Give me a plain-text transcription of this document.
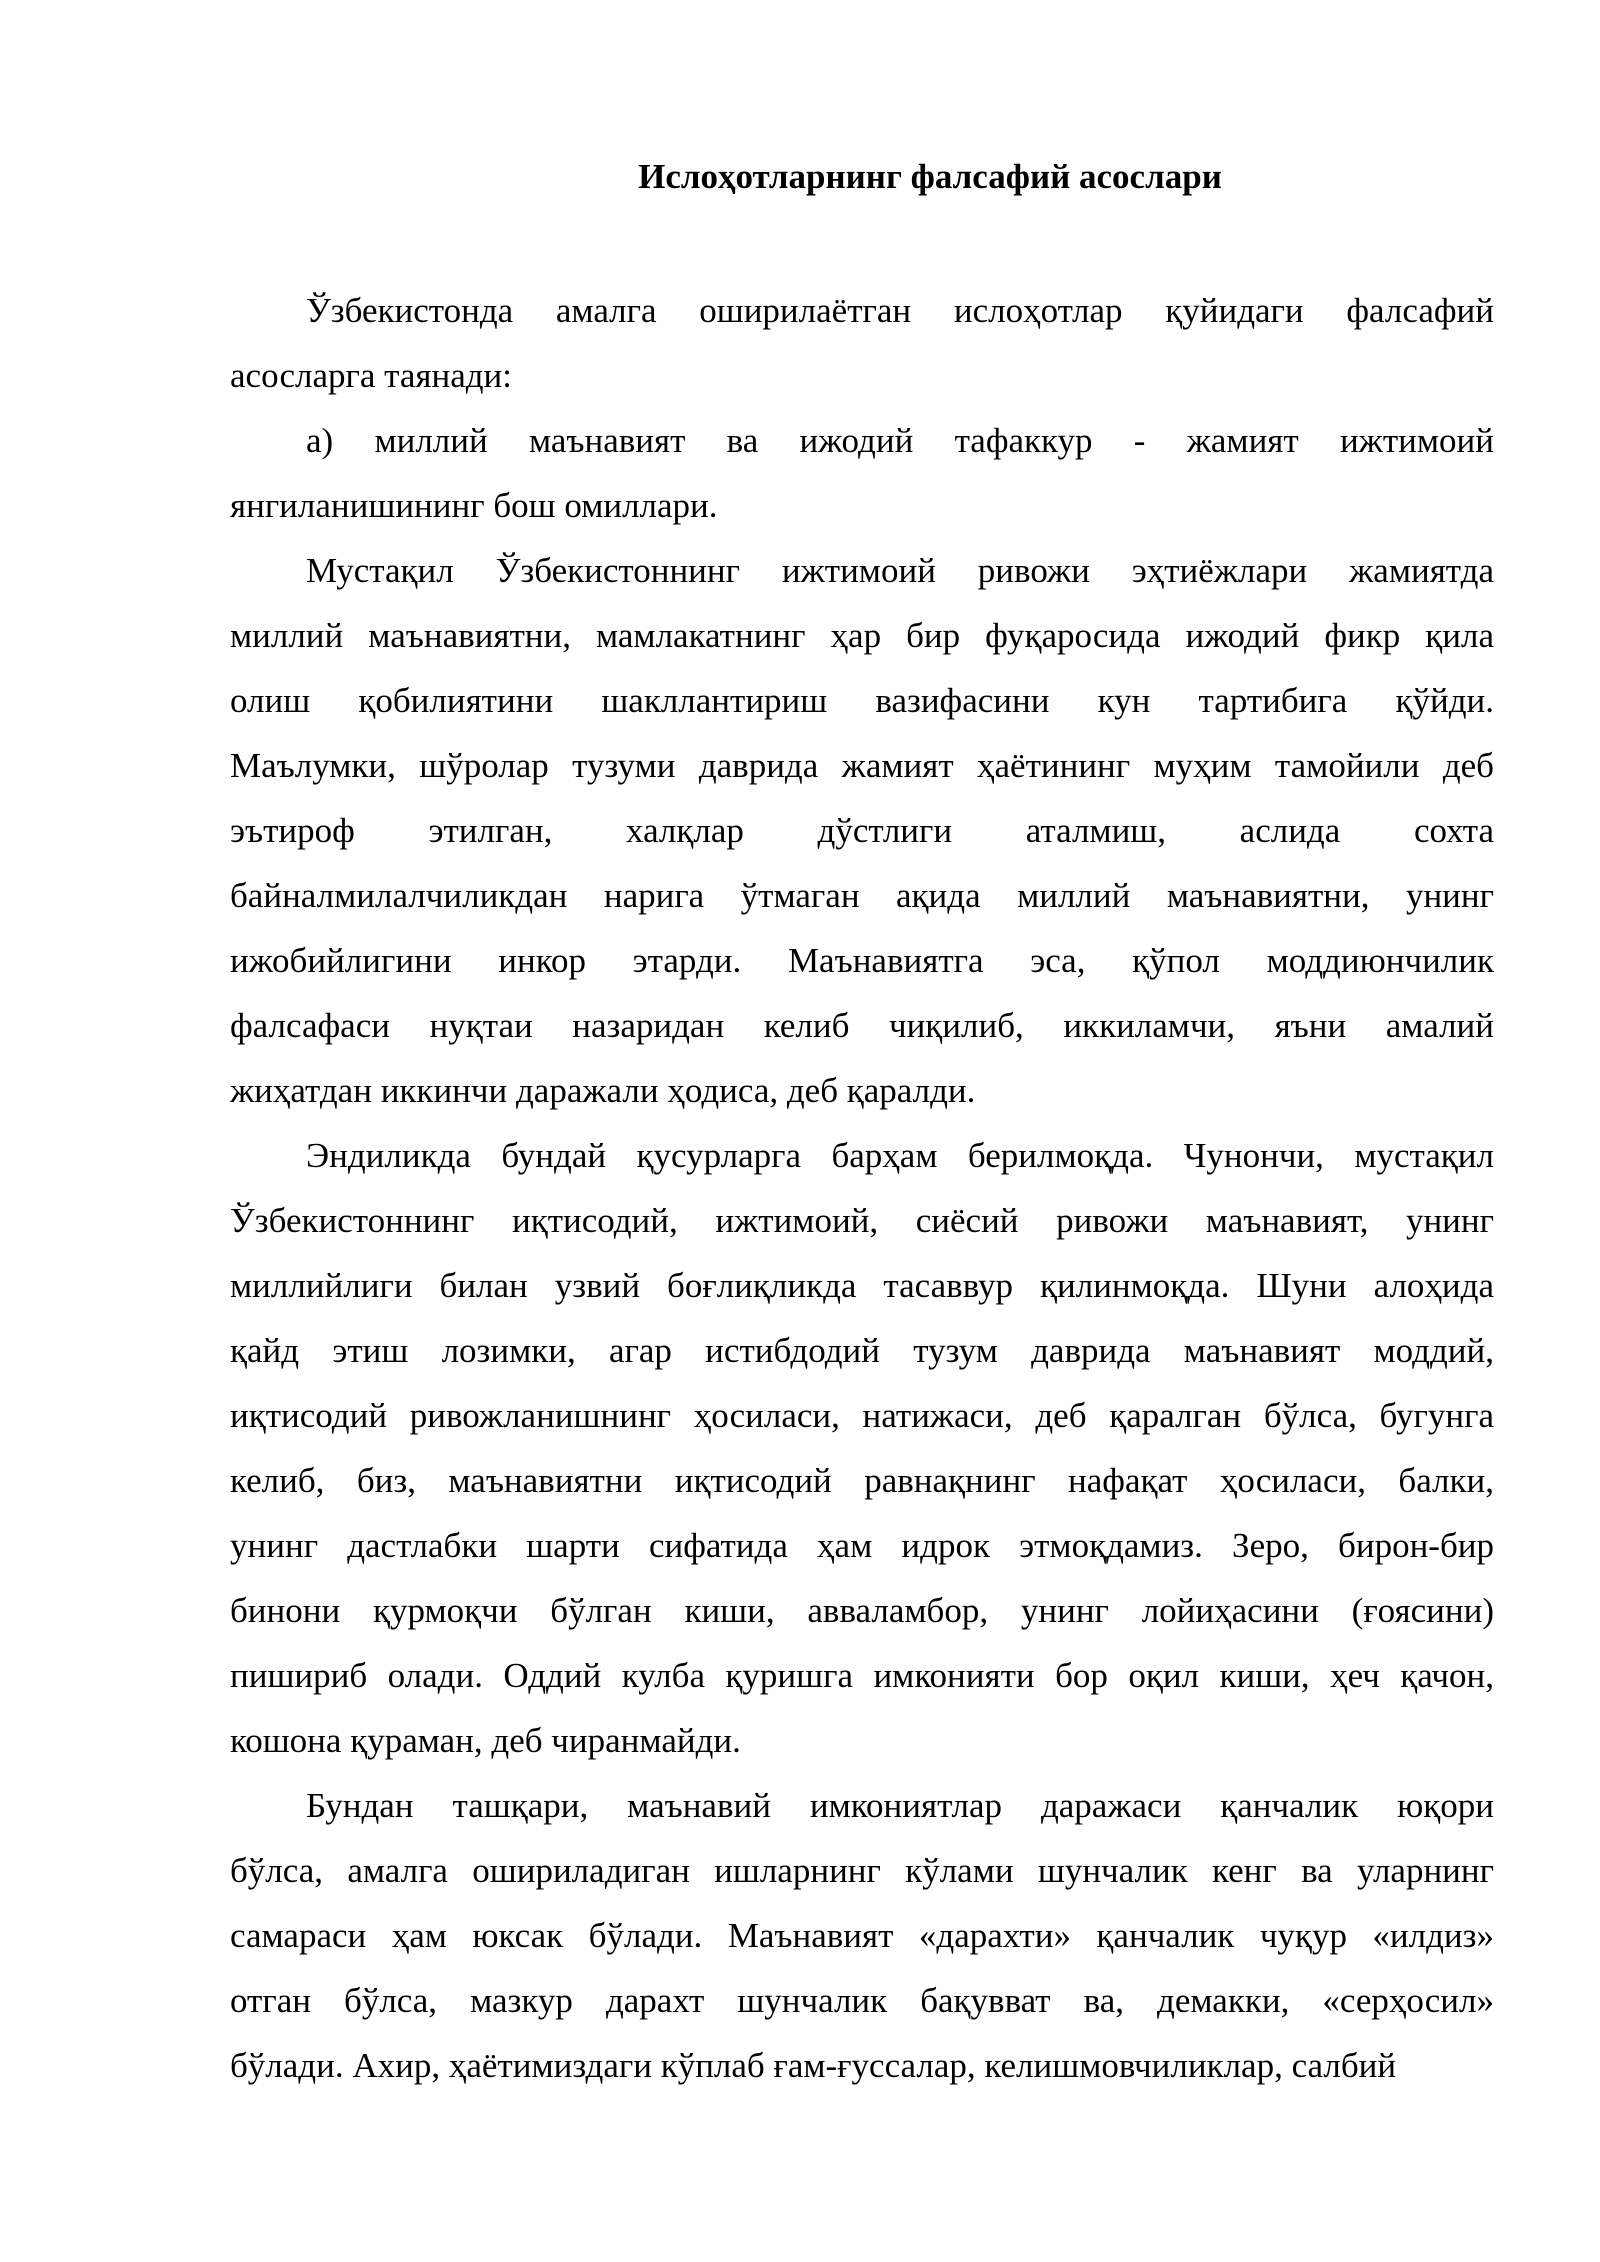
Ислоҳотларнинг фалсафий асослари
Ўзбекистонда амалга оширилаётган ислоҳотлар қуйидаги фалсафий
асосларга таянади:
а) миллий маънавият ва ижодий тафаккур - жамият ижтимоий
янгиланишининг бош омиллари.
Мустақил Ўзбекистоннинг ижтимоий ривожи эҳтиёжлари жамиятда
миллий маънавиятни, мамлакатнинг ҳар бир фуқаросида ижодий фикр қила
олиш қобилиятини шакллантириш вазифасини кун тартибига қўйди.
Маълумки, шўролар тузуми даврида жамият ҳаётининг муҳим тамойили деб
эътироф этилган, халқлар дўстлиги аталмиш, аслида сохта
байналмилалчиликдан нарига ўтмаган ақида миллий маънавиятни, унинг
ижобийлигини инкор этарди. Маънавиятга эса, қўпол моддиюнчилик
фалсафаси нуқтаи назаридан келиб чиқилиб, иккиламчи, яъни амалий
жиҳатдан иккинчи даражали ҳодиса, деб қаралди.
Эндиликда бундай қусурларга барҳам берилмоқда. Чунончи, мустақил
Ўзбекистоннинг иқтисодий, ижтимоий, сиёсий ривожи маънавият, унинг
миллийлиги билан узвий боғлиқликда тасаввур қилинмоқда. Шуни алоҳида
қайд этиш лозимки, агар истибдодий тузум даврида маънавият моддий,
иқтисодий ривожланишнинг ҳосиласи, натижаси, деб қаралган бўлса, бугунга
келиб, биз, маънавиятни иқтисодий равнақнинг нафақат ҳосиласи, балки,
унинг дастлабки шарти сифатида ҳам идрок этмоқдамиз. Зеро, бирон-бир
бинони қурмоқчи бўлган киши, авваламбор, унинг лойиҳасини (ғоясини)
пишириб олади. Оддий кулба қуришга имконияти бор оқил киши, ҳеч қачон,
кошона қураман, деб чиранмайди.
Бундан ташқари, маънавий имкониятлар даражаси қанчалик юқори
бўлса, амалга ошириладиган ишларнинг кўлами шунчалик кенг ва уларнинг
самараси ҳам юксак бўлади. Маънавият «дарахти» қанчалик чуқур «илдиз»
отган бўлса, мазкур дарахт шунчалик бақувват ва, демакки, «серҳосил»
бўлади. Ахир, ҳаётимиздаги кўплаб ғам-ғуссалар, келишмовчиликлар, салбий
